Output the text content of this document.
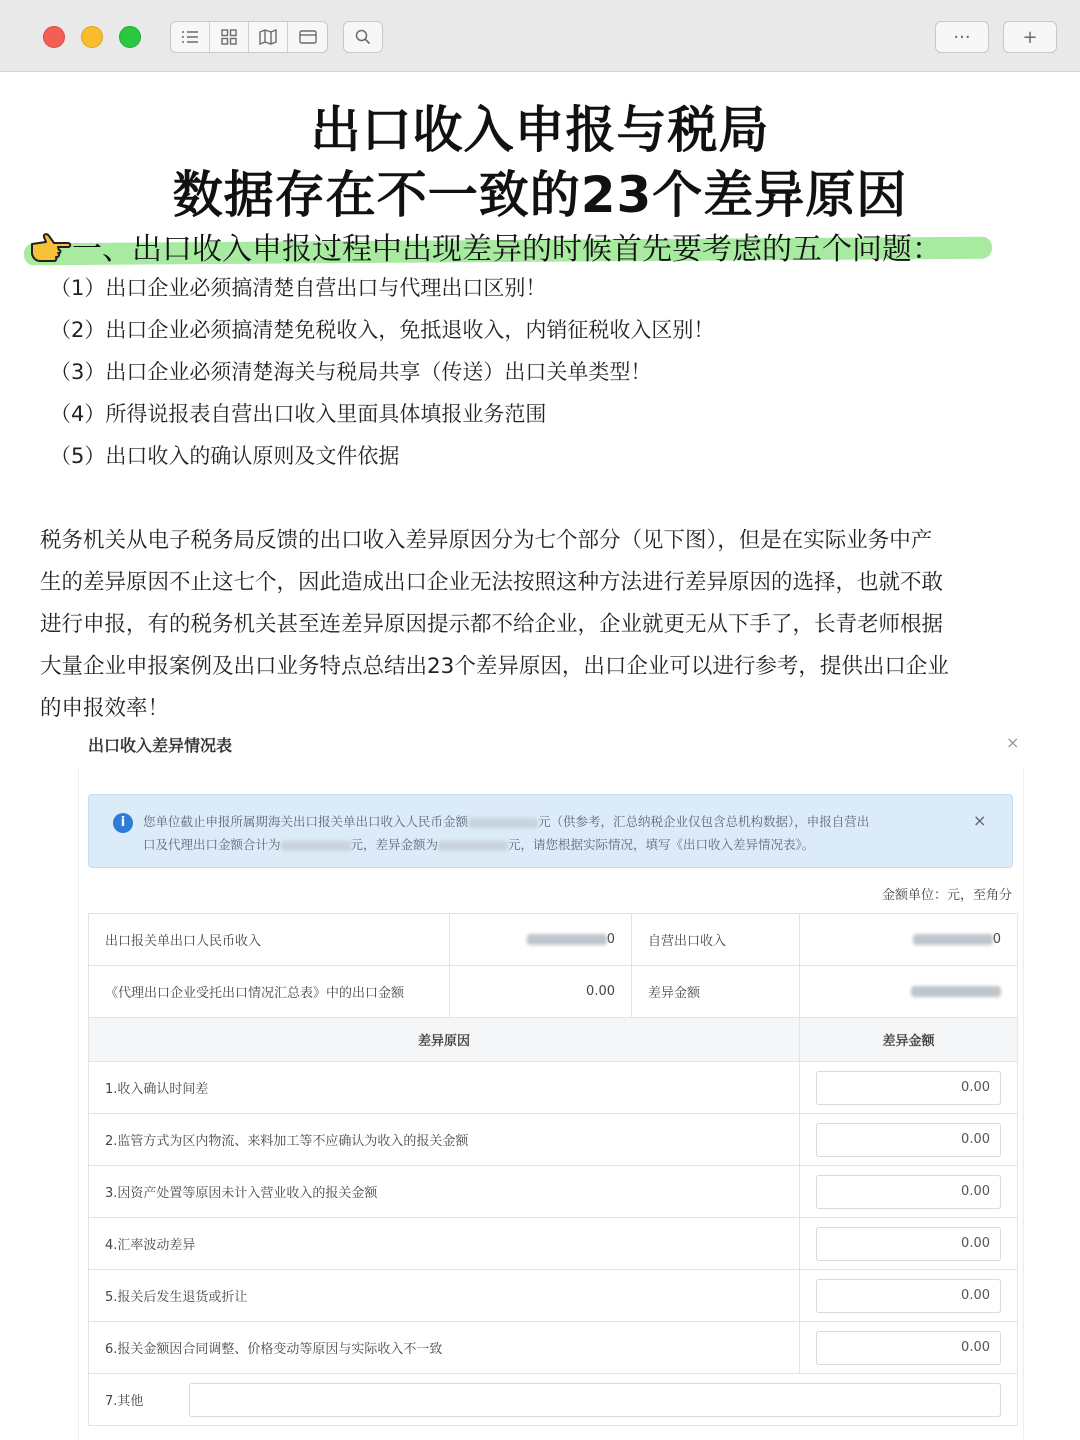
···	+
出口收入申报与税局
数据存在不一致的23个差异原因
一、出口收入申报过程中出现差异的时候首先要考虑的五个问题：
（1）出口企业必须搞清楚自营出口与代理出口区别！
（2）出口企业必须搞清楚免税收入，免抵退收入，内销征税收入区别！
（3）出口企业必须清楚海关与税局共享（传送）出口关单类型！
（4）所得说报表自营出口收入里面具体填报业务范围
（5）出口收入的确认原则及文件依据
税务机关从电子税务局反馈的出口收入差异原因分为七个部分（见下图），但是在实际业务中产
生的差异原因不止这七个，因此造成出口企业无法按照这种方法进行差异原因的选择，也就不敢
进行申报，有的税务机关甚至连差异原因提示都不给企业，企业就更无从下手了，长青老师根据
大量企业申报案例及出口业务特点总结出23个差异原因，出口企业可以进行参考，提供出口企业
的申报效率！
出口收入差异情况表	×
i	您单位截止申报所属期海关出口报关单出口收入人民币金额	元（供参考，汇总纳税企业仅包含总机构数据），申报自营出
口及代理出口金额合计为	元，差异金额为	元，请您根据实际情况，填写《出口收入差异情况表》。
×
金额单位：元，至角分
出口报关单出口人民币收入	0	自营出口收入	0
《代理出口企业受托出口情况汇总表》中的出口金额	0.00	差异金额	
差异原因			差异金额
1.收入确认时间差			0.00

2.监管方式为区内物流、来料加工等不应确认为收入的报关金额			0.00

3.因资产处置等原因未计入营业收入的报关金额			0.00

4.汇率波动差异			0.00

5.报关后发生退货或折让			0.00

6.报关金额因合同调整、价格变动等原因与实际收入不一致			0.00

7.其他			
